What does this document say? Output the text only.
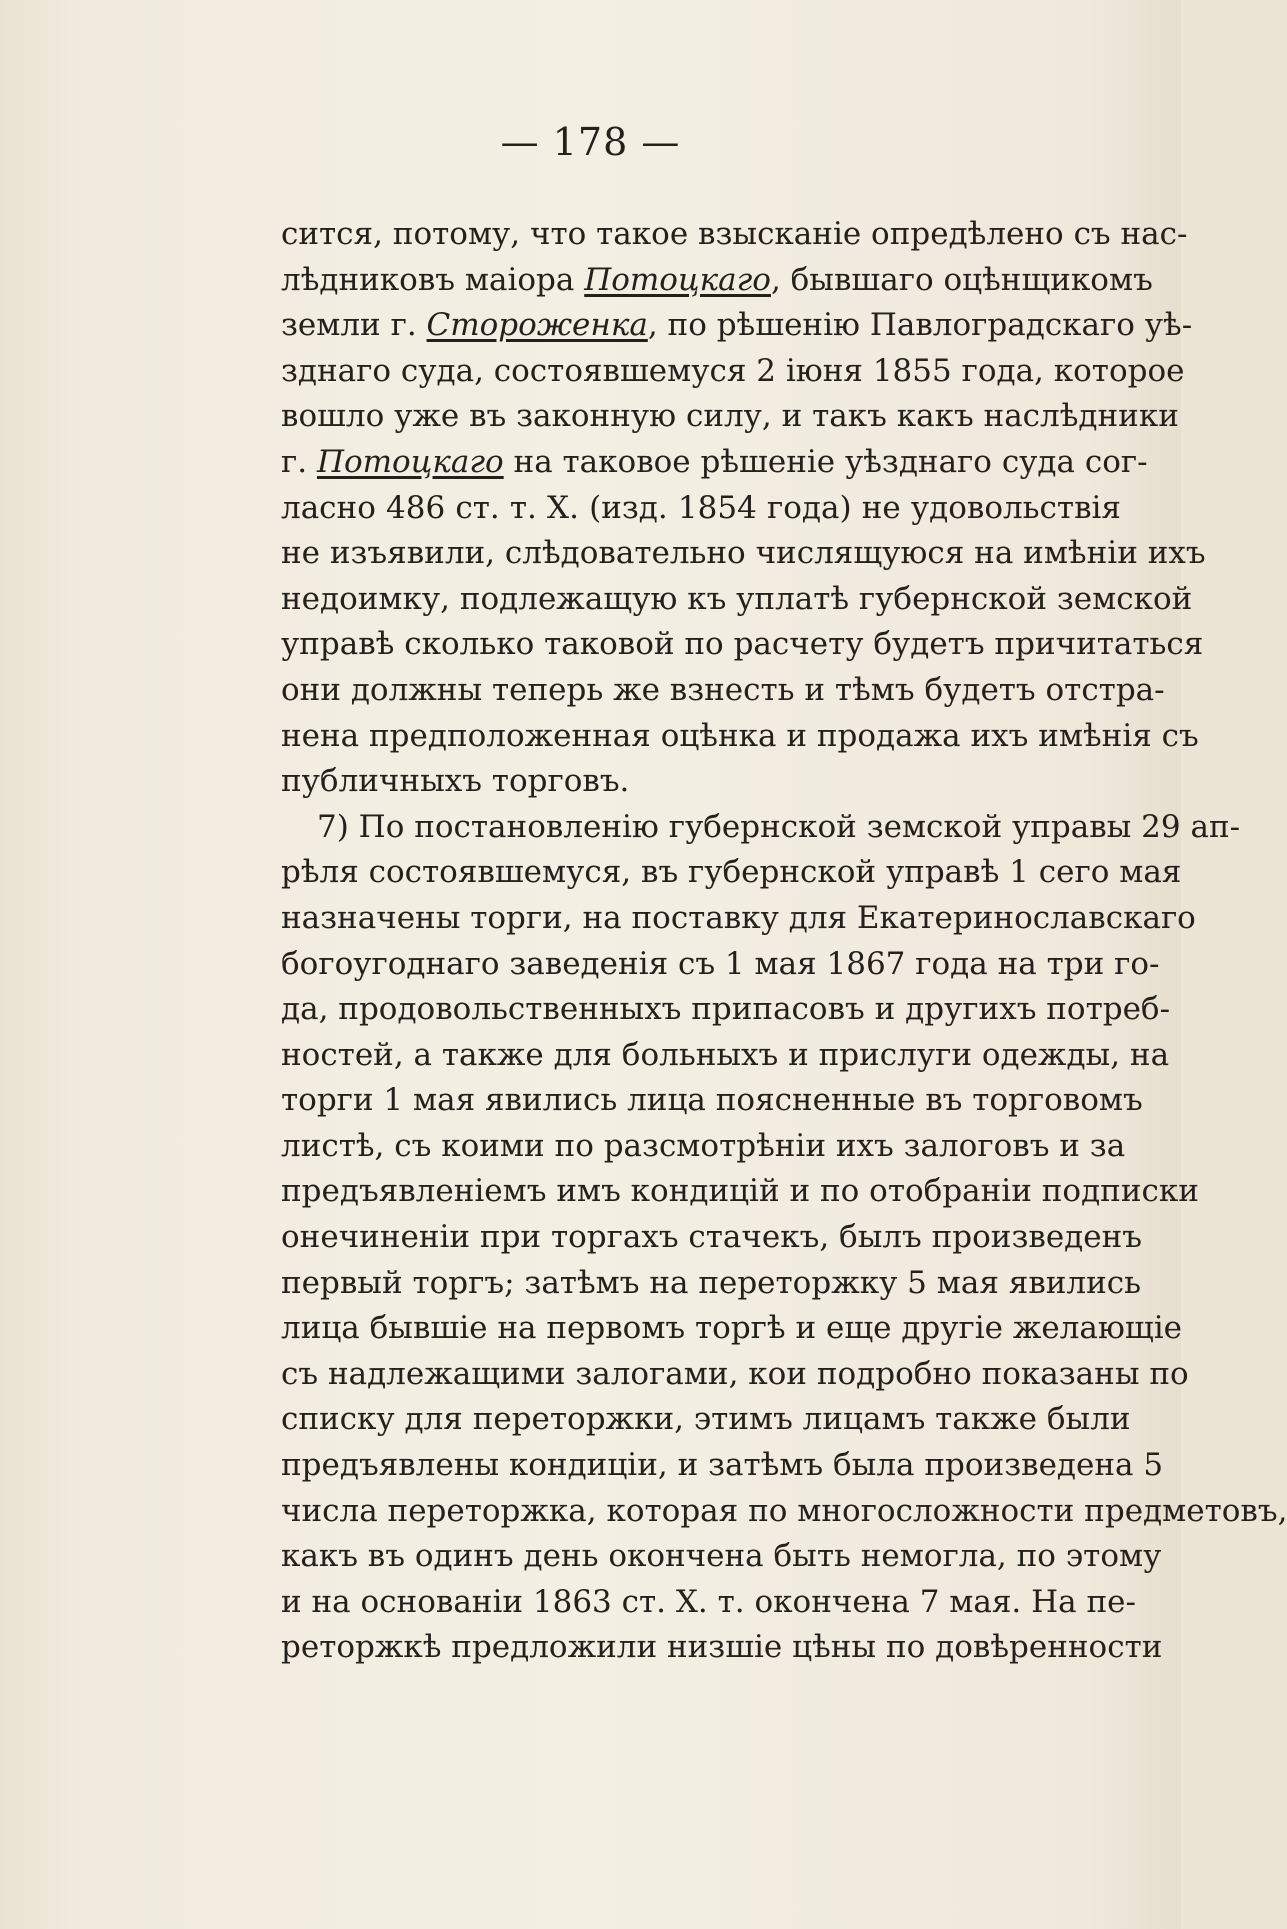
— 178 —
сится, потому, что такое взысканіе опредѣлено съ нас-
лѣдниковъ маіора Потоцкаго, бывшаго оцѣнщикомъ
земли г. Стороженка, по рѣшенію Павлоградскаго уѣ-
зднаго суда, состоявшемуся 2 іюня 1855 года, которое
вошло уже въ законную силу, и такъ какъ наслѣдники
г. Потоцкаго на таковое рѣшеніе уѣзднаго суда сог-
ласно 486 ст. т. X. (изд. 1854 года) не удовольствія
не изъявили, слѣдовательно числящуюся на имѣніи ихъ
недоимку, подлежащую къ уплатѣ губернской земской
управѣ сколько таковой по расчету будетъ причитаться
они должны теперь же взнесть и тѣмъ будетъ отстра-
нена предположенная оцѣнка и продажа ихъ имѣнія съ
публичныхъ торговъ.
7) По постановленію губернской земской управы 29 ап-
рѣля состоявшемуся, въ губернской управѣ 1 сего мая
назначены торги, на поставку для Екатеринославскаго
богоугоднаго заведенія съ 1 мая 1867 года на три го-
да, продовольственныхъ припасовъ и другихъ потреб-
ностей, а также для больныхъ и прислуги одежды, на
торги 1 мая явились лица поясненные въ торговомъ
листѣ, съ коими по разсмотрѣніи ихъ залоговъ и за
предъявленіемъ имъ кондицій и по отобраніи подписки
онечиненіи при торгахъ стачекъ, былъ произведенъ
первый торгъ; затѣмъ на переторжку 5 мая явились
лица бывшіе на первомъ торгѣ и еще другіе желающіе
съ надлежащими залогами, кои подробно показаны по
списку для переторжки, этимъ лицамъ также были
предъявлены кондиціи, и затѣмъ была произведена 5
числа переторжка, которая по многосложности предметовъ,
какъ въ одинъ день окончена быть немогла, по этому
и на основаніи 1863 ст. X. т. окончена 7 мая. На пе-
реторжкѣ предложили низшіе цѣны по довѣренности
